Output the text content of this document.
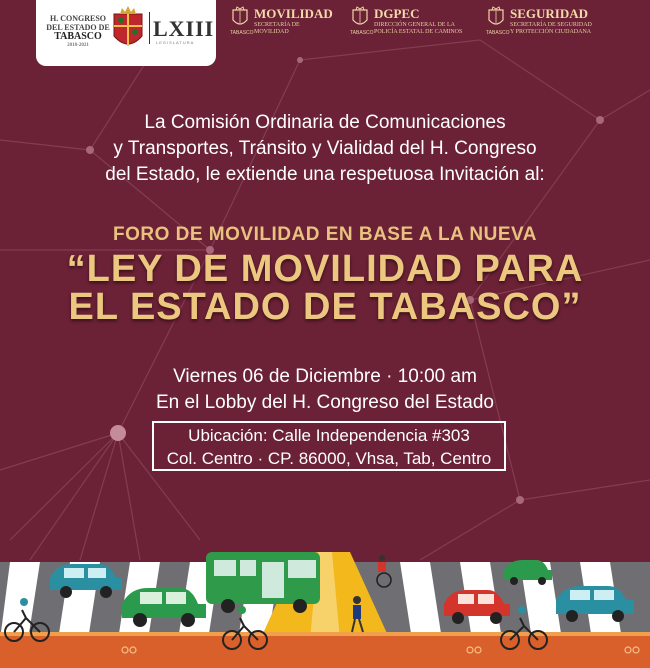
H. CONGRESO
DEL ESTADO DE
TABASCO
2018-2021
LXIII
LEGISLATURA
TABASCO
MOVILIDAD
SECRETARÍA DE
MOVILIDAD	TABASCO
DGPEC
DIRECCIÓN GENERAL DE LA
POLICÍA ESTATAL DE CAMINOS	TABASCO
SEGURIDAD
SECRETARÍA DE SEGURIDAD
Y PROTECCIÓN CIUDADANA
La Comisión Ordinaria de Comunicaciones
y Transportes, Tránsito y Vialidad del H. Congreso
del Estado, le extiende una respetuosa Invitación al:
FORO DE MOVILIDAD EN BASE A LA NUEVA
“LEY DE MOVILIDAD PARA
EL ESTADO DE TABASCO”
Viernes 06 de Diciembre · 10:00 am
En el Lobby del H. Congreso del Estado
Ubicación: Calle Independencia #303
Col. Centro · CP. 86000, Vhsa, Tab, Centro
